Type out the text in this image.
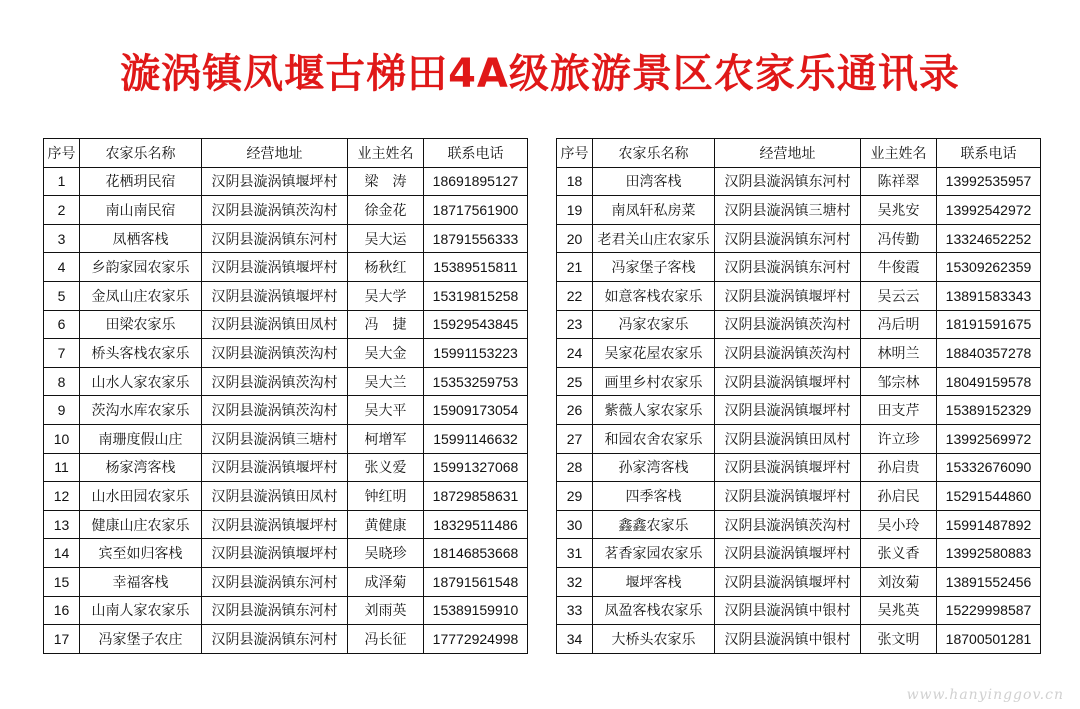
漩涡镇凤堰古梯田4A级旅游景区农家乐通讯录
序号	农家乐名称	经营地址	业主姓名	联系电话
1	花栖玥民宿	汉阴县漩涡镇堰坪村	梁　涛	18691895127
2	南山南民宿	汉阴县漩涡镇茨沟村	徐金花	18717561900
3	凤栖客栈	汉阴县漩涡镇东河村	吴大运	18791556333
4	乡韵家园农家乐	汉阴县漩涡镇堰坪村	杨秋红	15389515811
5	金凤山庄农家乐	汉阴县漩涡镇堰坪村	吴大学	15319815258
6	田梁农家乐	汉阴县漩涡镇田凤村	冯　捷	15929543845
7	桥头客栈农家乐	汉阴县漩涡镇茨沟村	吴大金	15991153223
8	山水人家农家乐	汉阴县漩涡镇茨沟村	吴大兰	15353259753
9	茨沟水库农家乐	汉阴县漩涡镇茨沟村	吴大平	15909173054
10	南珊度假山庄	汉阴县漩涡镇三塘村	柯增军	15991146632
11	杨家湾客栈	汉阴县漩涡镇堰坪村	张义爱	15991327068
12	山水田园农家乐	汉阴县漩涡镇田凤村	钟红明	18729858631
13	健康山庄农家乐	汉阴县漩涡镇堰坪村	黄健康	18329511486
14	宾至如归客栈	汉阴县漩涡镇堰坪村	吴晓珍	18146853668
15	幸福客栈	汉阴县漩涡镇东河村	成泽菊	18791561548
16	山南人家农家乐	汉阴县漩涡镇东河村	刘雨英	15389159910
17	冯家堡子农庄	汉阴县漩涡镇东河村	冯长征	17772924998
序号	农家乐名称	经营地址	业主姓名	联系电话
18	田湾客栈	汉阴县漩涡镇东河村	陈祥翠	13992535957
19	南凤轩私房菜	汉阴县漩涡镇三塘村	吴兆安	13992542972
20	老君关山庄农家乐	汉阴县漩涡镇东河村	冯传勤	13324652252
21	冯家堡子客栈	汉阴县漩涡镇东河村	牛俊霞	15309262359
22	如意客栈农家乐	汉阴县漩涡镇堰坪村	吴云云	13891583343
23	冯家农家乐	汉阴县漩涡镇茨沟村	冯后明	18191591675
24	吴家花屋农家乐	汉阴县漩涡镇茨沟村	林明兰	18840357278
25	画里乡村农家乐	汉阴县漩涡镇堰坪村	邹宗林	18049159578
26	紫薇人家农家乐	汉阴县漩涡镇堰坪村	田支芹	15389152329
27	和园农舍农家乐	汉阴县漩涡镇田凤村	许立珍	13992569972
28	孙家湾客栈	汉阴县漩涡镇堰坪村	孙启贵	15332676090
29	四季客栈	汉阴县漩涡镇堰坪村	孙启民	15291544860
30	鑫鑫农家乐	汉阴县漩涡镇茨沟村	吴小玲	15991487892
31	茗香家园农家乐	汉阴县漩涡镇堰坪村	张义香	13992580883
32	堰坪客栈	汉阴县漩涡镇堰坪村	刘汝菊	13891552456
33	凤盈客栈农家乐	汉阴县漩涡镇中银村	吴兆英	15229998587
34	大桥头农家乐	汉阴县漩涡镇中银村	张文明	18700501281
www.hanyinggov.cn
